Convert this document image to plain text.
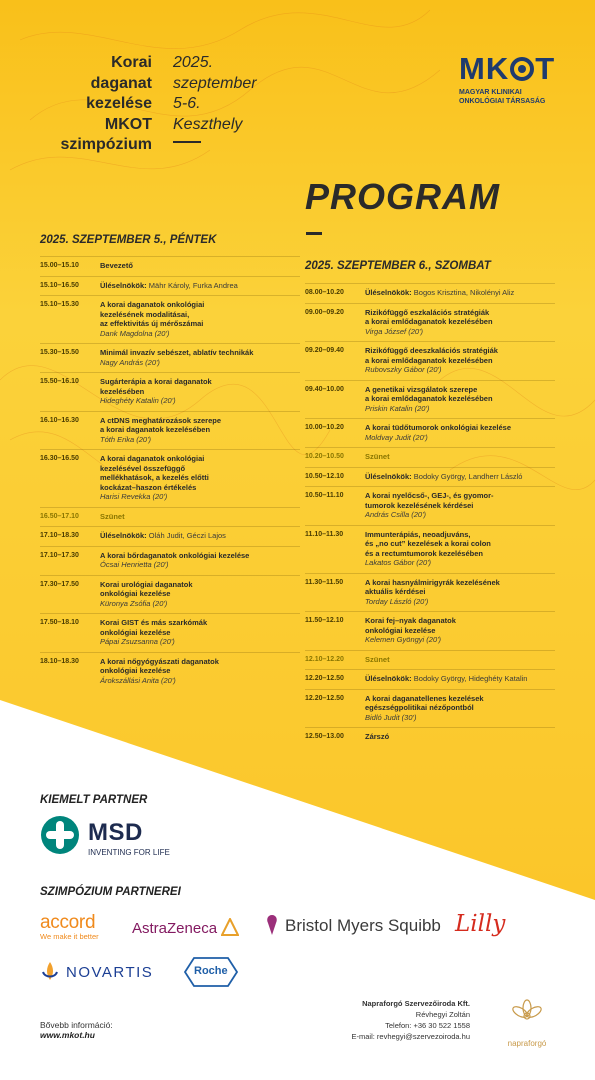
Korai
daganat
kezelése
MKOT
szimpózium
2025.
szeptember
5-6.
Keszthely
MK T
MAGYAR KLINIKAI
ONKOLÓGIAI TÁRSASÁG
PROGRAM
2025. SZEPTEMBER 5., PÉNTEK
15.00–15.10	Bevezető
15.10–16.50	Üléselnökök: Mähr Károly, Furka Andrea
15.10–15.30	A korai daganatok onkológiai
kezelésének modalitásai,
az effektivitás új mérőszámai
Dank Magdolna (20')
15.30–15.50	Minimál invazív sebészet, ablatív technikák
Nagy András (20')
15.50–16.10	Sugárterápia a korai daganatok
kezelésében
Hideghéty Katalin (20')
16.10–16.30	A ctDNS meghatározások szerepe
a korai daganatok kezelésében
Tóth Erika (20')
16.30–16.50	A korai daganatok onkológiai
kezelésével összefüggő
mellékhatások, a kezelés előtti
kockázat–haszon értékelés
Harisi Revekka (20')
16.50–17.10	Szünet
17.10–18.30	Üléselnökök: Oláh Judit, Géczi Lajos
17.10–17.30	A korai bőrdaganatok onkológiai kezelése
Ócsai Henrietta (20')
17.30–17.50	Korai urológiai daganatok
onkológiai kezelése
Küronya Zsófia (20')
17.50–18.10	Korai GIST és más szarkómák
onkológiai kezelése
Pápai Zsuzsanna (20')
18.10–18.30	A korai nőgyógyászati daganatok
onkológiai kezelése
Árokszállási Anita (20')
2025. SZEPTEMBER 6., SZOMBAT
08.00–10.20	Üléselnökök: Bogos Krisztina, Nikolényi Aliz
09.00–09.20	Rizikófüggő eszkalációs stratégiák
a korai emlődaganatok kezelésében
Virga József (20')
09.20–09.40	Rizikófüggő deeszkalációs stratégiák
a korai emlődaganatok kezelésében
Rubovszky Gábor (20')
09.40–10.00	A genetikai vizsgálatok szerepe
a korai emlődaganatok kezelésében
Priskin Katalin (20')
10.00–10.20	A korai tüdőtumorok onkológiai kezelése
Moldvay Judit (20')
10.20–10.50	Szünet
10.50–12.10	Üléselnökök: Bodoky György, Landherr László
10.50–11.10	A korai nyelőcső-, GEJ-, és gyomor-
tumorok kezelésének kérdései
András Csilla (20')
11.10–11.30	Immunterápiás, neoadjuváns,
és „no cut” kezelések a korai colon
és a rectumtumorok kezelésében
Lakatos Gábor (20')
11.30–11.50	A korai hasnyálmirigyrák kezelésének
aktuális kérdései
Torday László (20')
11.50–12.10	Korai fej–nyak daganatok
onkológiai kezelése
Kelemen Gyöngyi (20')
12.10–12.20	Szünet
12.20–12.50	Üléselnökök: Bodoky György, Hideghéty Katalin
12.20–12.50	A korai daganatellenes kezelések
egészségpolitikai nézőpontból
Bidló Judit (30')
12.50–13.00	Zárszó
KIEMELT PARTNER
MSD
INVENTING FOR LIFE
SZIMPÓZIUM PARTNEREI
accord
We make it better AstraZeneca	Bristol Myers Squibb Lilly
NOVARTIS	Roche
Bővebb információ:
www.mkot.hu
Napraforgó Szervezőiroda Kft.
Révhegyi Zoltán
Telefon: +36 30 522 1558
E-mail: revhegyi@szervezoiroda.hu
napraforgó
